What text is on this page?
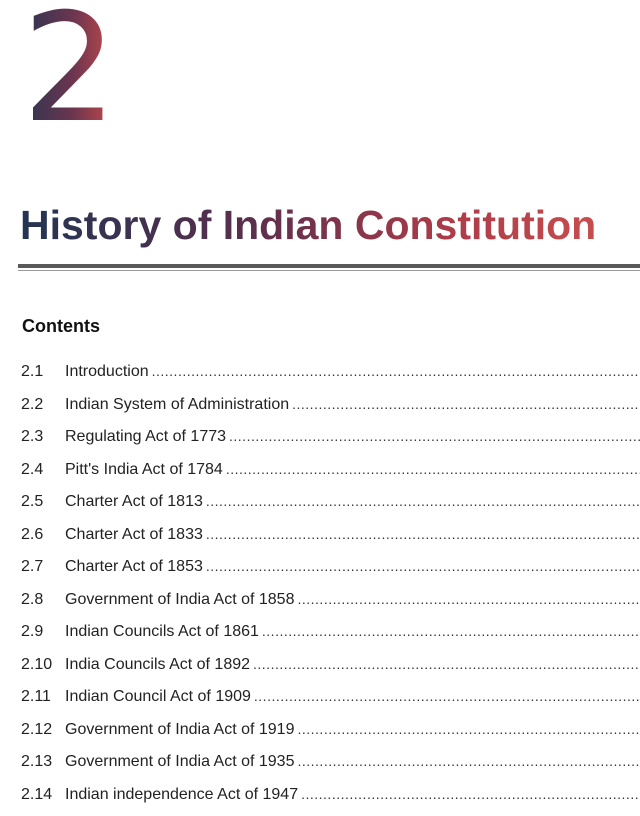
2
History of Indian Constitution
Contents
2.1	Introduction
.....
2.2	Indian System of Administration
.....
2.3	Regulating Act of 1773
.....
2.4	Pitt's India Act of 1784
.....
2.5	Charter Act of 1813
.....
2.6	Charter Act of 1833
.....
2.7	Charter Act of 1853
.....
2.8	Government of India Act of 1858
.....
2.9	Indian Councils Act of 1861
.....
2.10 India Councils Act of 1892
.....
2.11 Indian Council Act of 1909
.....
2.12 Government of India Act of 1919
.....
2.13 Government of India Act of 1935
.....
2.14 Indian independence Act of 1947
.....
